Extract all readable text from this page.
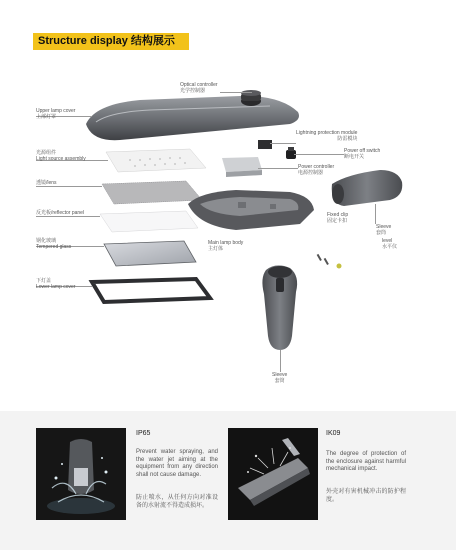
Structure display 结构展示
Optical controller
光学控制器
Upper lamp cover
上部灯罩
Lightning protection module
防雷模块
Power off switch
断电开关
光源组件
Light source assembly
Power controller
电源控制器
透镜/lens
Fixed clip
固定卡扣
Sleeve
套筒
反光板/reflector panel
level
水平仪
Main lamp body
主灯体
钢化玻璃
Tempered glass
下灯盖
Lower lamp cover
Sleeve
套筒
IP65
Prevent water spraying, and the water jet aiming at the equipment from any direction shall not cause damage.
防止喷水，从任何方向对准设备的水射流不得造成损坏。
IK09
The degree of protection of the enclosure against harmful mechanical impact.
外壳对有害机械冲击的防护程度。
